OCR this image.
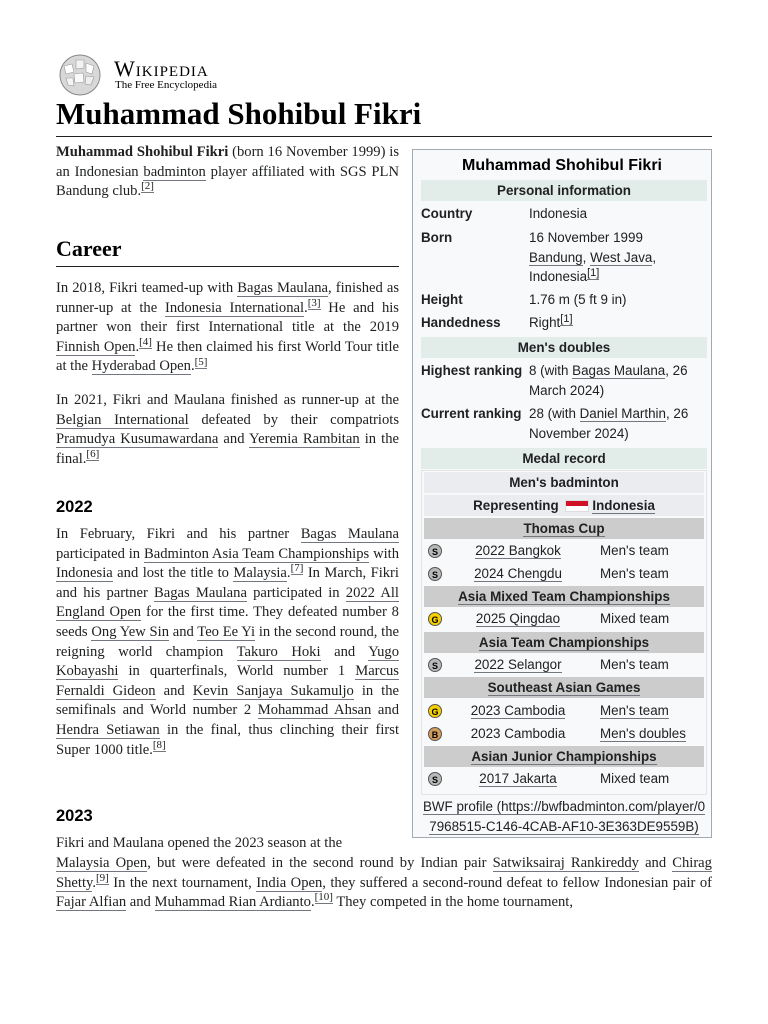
Wikipedia
The Free Encyclopedia
Muhammad Shohibul Fikri

Muhammad Shohibul Fikri (born 16 November 1999) is an Indonesian badminton player affiliated with SGS PLN Bandung club.[2]

Career

In 2018, Fikri teamed-up with Bagas Maulana, finished as runner-up at the Indonesia International.[3] He and his partner won their first International title at the 2019 Finnish Open.[4] He then claimed his first World Tour title at the Hyderabad Open.[5]

In 2021, Fikri and Maulana finished as runner-up at the Belgian International defeated by their compatriots Pramudya Kusumawardana and Yeremia Rambitan in the final.[6]

2022

In February, Fikri and his partner Bagas Maulana participated in Badminton Asia Team Championships with Indonesia and lost the title to Malaysia.[7] In March, Fikri and his partner Bagas Maulana participated in 2022 All England Open for the first time. They defeated number 8 seeds Ong Yew Sin and Teo Ee Yi in the second round, the reigning world champion Takuro Hoki and Yugo Kobayashi in quarterfinals, World number 1 Marcus Fernaldi Gideon and Kevin Sanjaya Sukamuljo in the semifinals and World number 2 Mohammad Ahsan and Hendra Setiawan in the final, thus clinching their first Super 1000 title.[8]

2023

Fikri and Maulana opened the 2023 season at the

Malaysia Open, but were defeated in the second round by Indian pair Satwiksairaj Rankireddy and Chirag Shetty.[9] In the next tournament, India Open, they suffered a second-round defeat to fellow Indonesian pair of Fajar Alfian and Muhammad Rian Ardianto.[10] They competed in the home tournament,

Muhammad Shohibul Fikri
Personal information
Country	Indonesia
Born	16 November 1999
Bandung, West Java, Indonesia[1]
Height	1.76 m (5 ft 9 in)
Handedness Right[1]
Men's doubles
Highest ranking 8 (with Bagas Maulana, 26 March 2024)
Current ranking 28 (with Daniel Marthin, 26 November 2024)
Medal record
Men's badminton
Representing	Indonesia
Thomas Cup
S	2022 Bangkok	Men's team
S	2024 Chengdu	Men's team
Asia Mixed Team Championships
G	2025 Qingdao	Mixed team
Asia Team Championships
S	2022 Selangor	Men's team
Southeast Asian Games
G	2023 Cambodia	Men's team
B	2023 Cambodia	Men's doubles
Asian Junior Championships
S	2017 Jakarta	Mixed team
BWF profile (https://bwfbadminton.com/player/07968515-C146-4CAB-AF10-3E363DE9559B)
